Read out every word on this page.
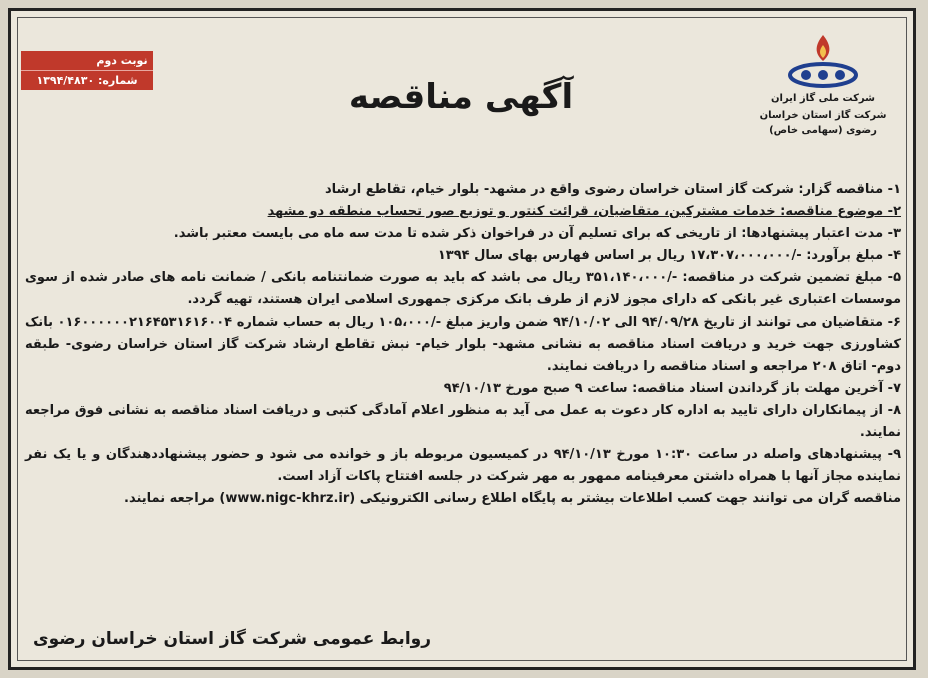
شرکت ملی گاز ایران
شرکت گاز استان خراسان رضوی (سهامی خاص)
آگهی مناقصه
نوبت دوم
شماره: ۱۳۹۴/۴۸۳۰

۱- مناقصه گزار: شرکت گاز استان خراسان رضوی واقع در مشهد- بلوار خیام، تقاطع ارشاد

۲- موضوع مناقصه: خدمات مشترکین، متقاضیان، قرائت کنتور و توزیع صور تحساب منطقه دو مشهد

۳- مدت اعتبار پیشنهادها: از تاریخی که برای تسلیم آن در فراخوان ذکر شده تا مدت سه ماه می بایست معتبر باشد.

۴- مبلغ برآورد: -/۱۷،۳۰۷،۰۰۰،۰۰۰ ریال بر اساس فهارس بهای سال ۱۳۹۴

۵- مبلغ تضمین شرکت در مناقصه: -/۳۵۱،۱۴۰،۰۰۰ ریال می باشد که باید به صورت ضمانتنامه بانکی / ضمانت نامه های صادر شده از سوی موسسات اعتباری غیر بانکی که دارای مجوز لازم از طرف بانک مرکزی جمهوری اسلامی ایران هستند، تهیه گردد.

۶- متقاضیان می توانند از تاریخ ۹۴/۰۹/۲۸ الی ۹۴/۱۰/۰۲ ضمن واریز مبلغ -/۱۰۵،۰۰۰ ریال به حساب شماره ۰۱۶۰۰۰۰۰۰۲۱۶۴۵۳۱۶۱۶۰۰۴ بانک کشاورزی جهت خرید و دریافت اسناد مناقصه به نشانی مشهد- بلوار خیام- نبش تقاطع ارشاد شرکت گاز استان خراسان رضوی- طبقه دوم- اتاق ۲۰۸ مراجعه و اسناد مناقصه را دریافت نمایند.

۷- آخرین مهلت باز گرداندن اسناد مناقصه: ساعت ۹ صبح مورخ ۹۴/۱۰/۱۳

۸- از پیمانکاران دارای تایید به اداره کار دعوت به عمل می آید به منظور اعلام آمادگی کتبی و دریافت اسناد مناقصه به نشانی فوق مراجعه نمایند.

۹- پیشنهادهای واصله در ساعت ۱۰:۳۰ مورخ ۹۴/۱۰/۱۳ در کمیسیون مربوطه باز و خوانده می شود و حضور پیشنهاددهندگان و یا یک نفر نماینده مجاز آنها با همراه داشتن معرفینامه ممهور به مهر شرکت در جلسه افتتاح پاکات آزاد است.

مناقصه گران می توانند جهت کسب اطلاعات بیشتر به پایگاه اطلاع رسانی الکترونیکی (www.nigc-khrz.ir) مراجعه نمایند.

روابط عمومی شرکت گاز استان خراسان رضوی
